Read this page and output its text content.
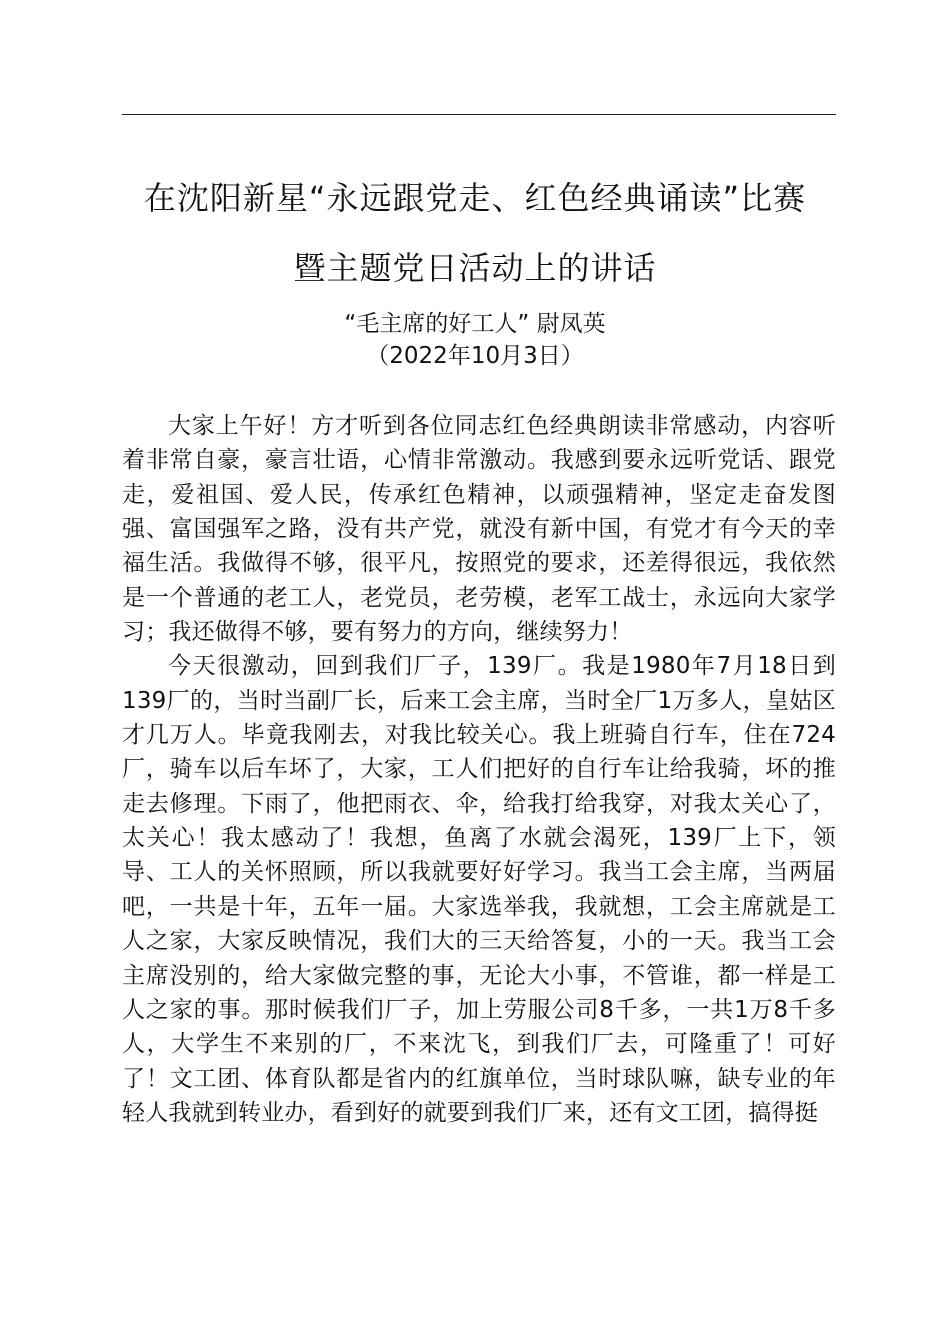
在沈阳新星“永远跟党走、红色经典诵读”比赛
暨主题党日活动上的讲话
“毛主席的好工人” 尉凤英
（2022年10月3日）

大家上午好！方才听到各位同志红色经典朗读非常感动，内容听着非常自豪，豪言壮语，心情非常激动。我感到要永远听党话、跟党走，爱祖国、爱人民，传承红色精神，以顽强精神，坚定走奋发图强、富国强军之路，没有共产党，就没有新中国，有党才有今天的幸福生活。我做得不够，很平凡，按照党的要求，还差得很远，我依然是一个普通的老工人，老党员，老劳模，老军工战士，永远向大家学习；我还做得不够，要有努力的方向，继续努力！

今天很激动，回到我们厂子，139厂。我是1980年7月18日到139厂的，当时当副厂长，后来工会主席，当时全厂1万多人，皇姑区才几万人。毕竟我刚去，对我比较关心。我上班骑自行车，住在724厂，骑车以后车坏了，大家，工人们把好的自行车让给我骑，坏的推走去修理。下雨了，他把雨衣、伞，给我打给我穿，对我太关心了，太关心！我太感动了！我想，鱼离了水就会渴死，139厂上下，领导、工人的关怀照顾，所以我就要好好学习。我当工会主席，当两届吧，一共是十年，五年一届。大家选举我，我就想，工会主席就是工人之家，大家反映情况，我们大的三天给答复，小的一天。我当工会主席没别的，给大家做完整的事，无论大小事，不管谁，都一样是工人之家的事。那时候我们厂子，加上劳服公司8千多，一共1万8千多人，大学生不来别的厂，不来沈飞，到我们厂去，可隆重了！可好了！文工团、体育队都是省内的红旗单位，当时球队嘛，缺专业的年轻人我就到转业办，看到好的就要到我们厂来，还有文工团，搞得挺
